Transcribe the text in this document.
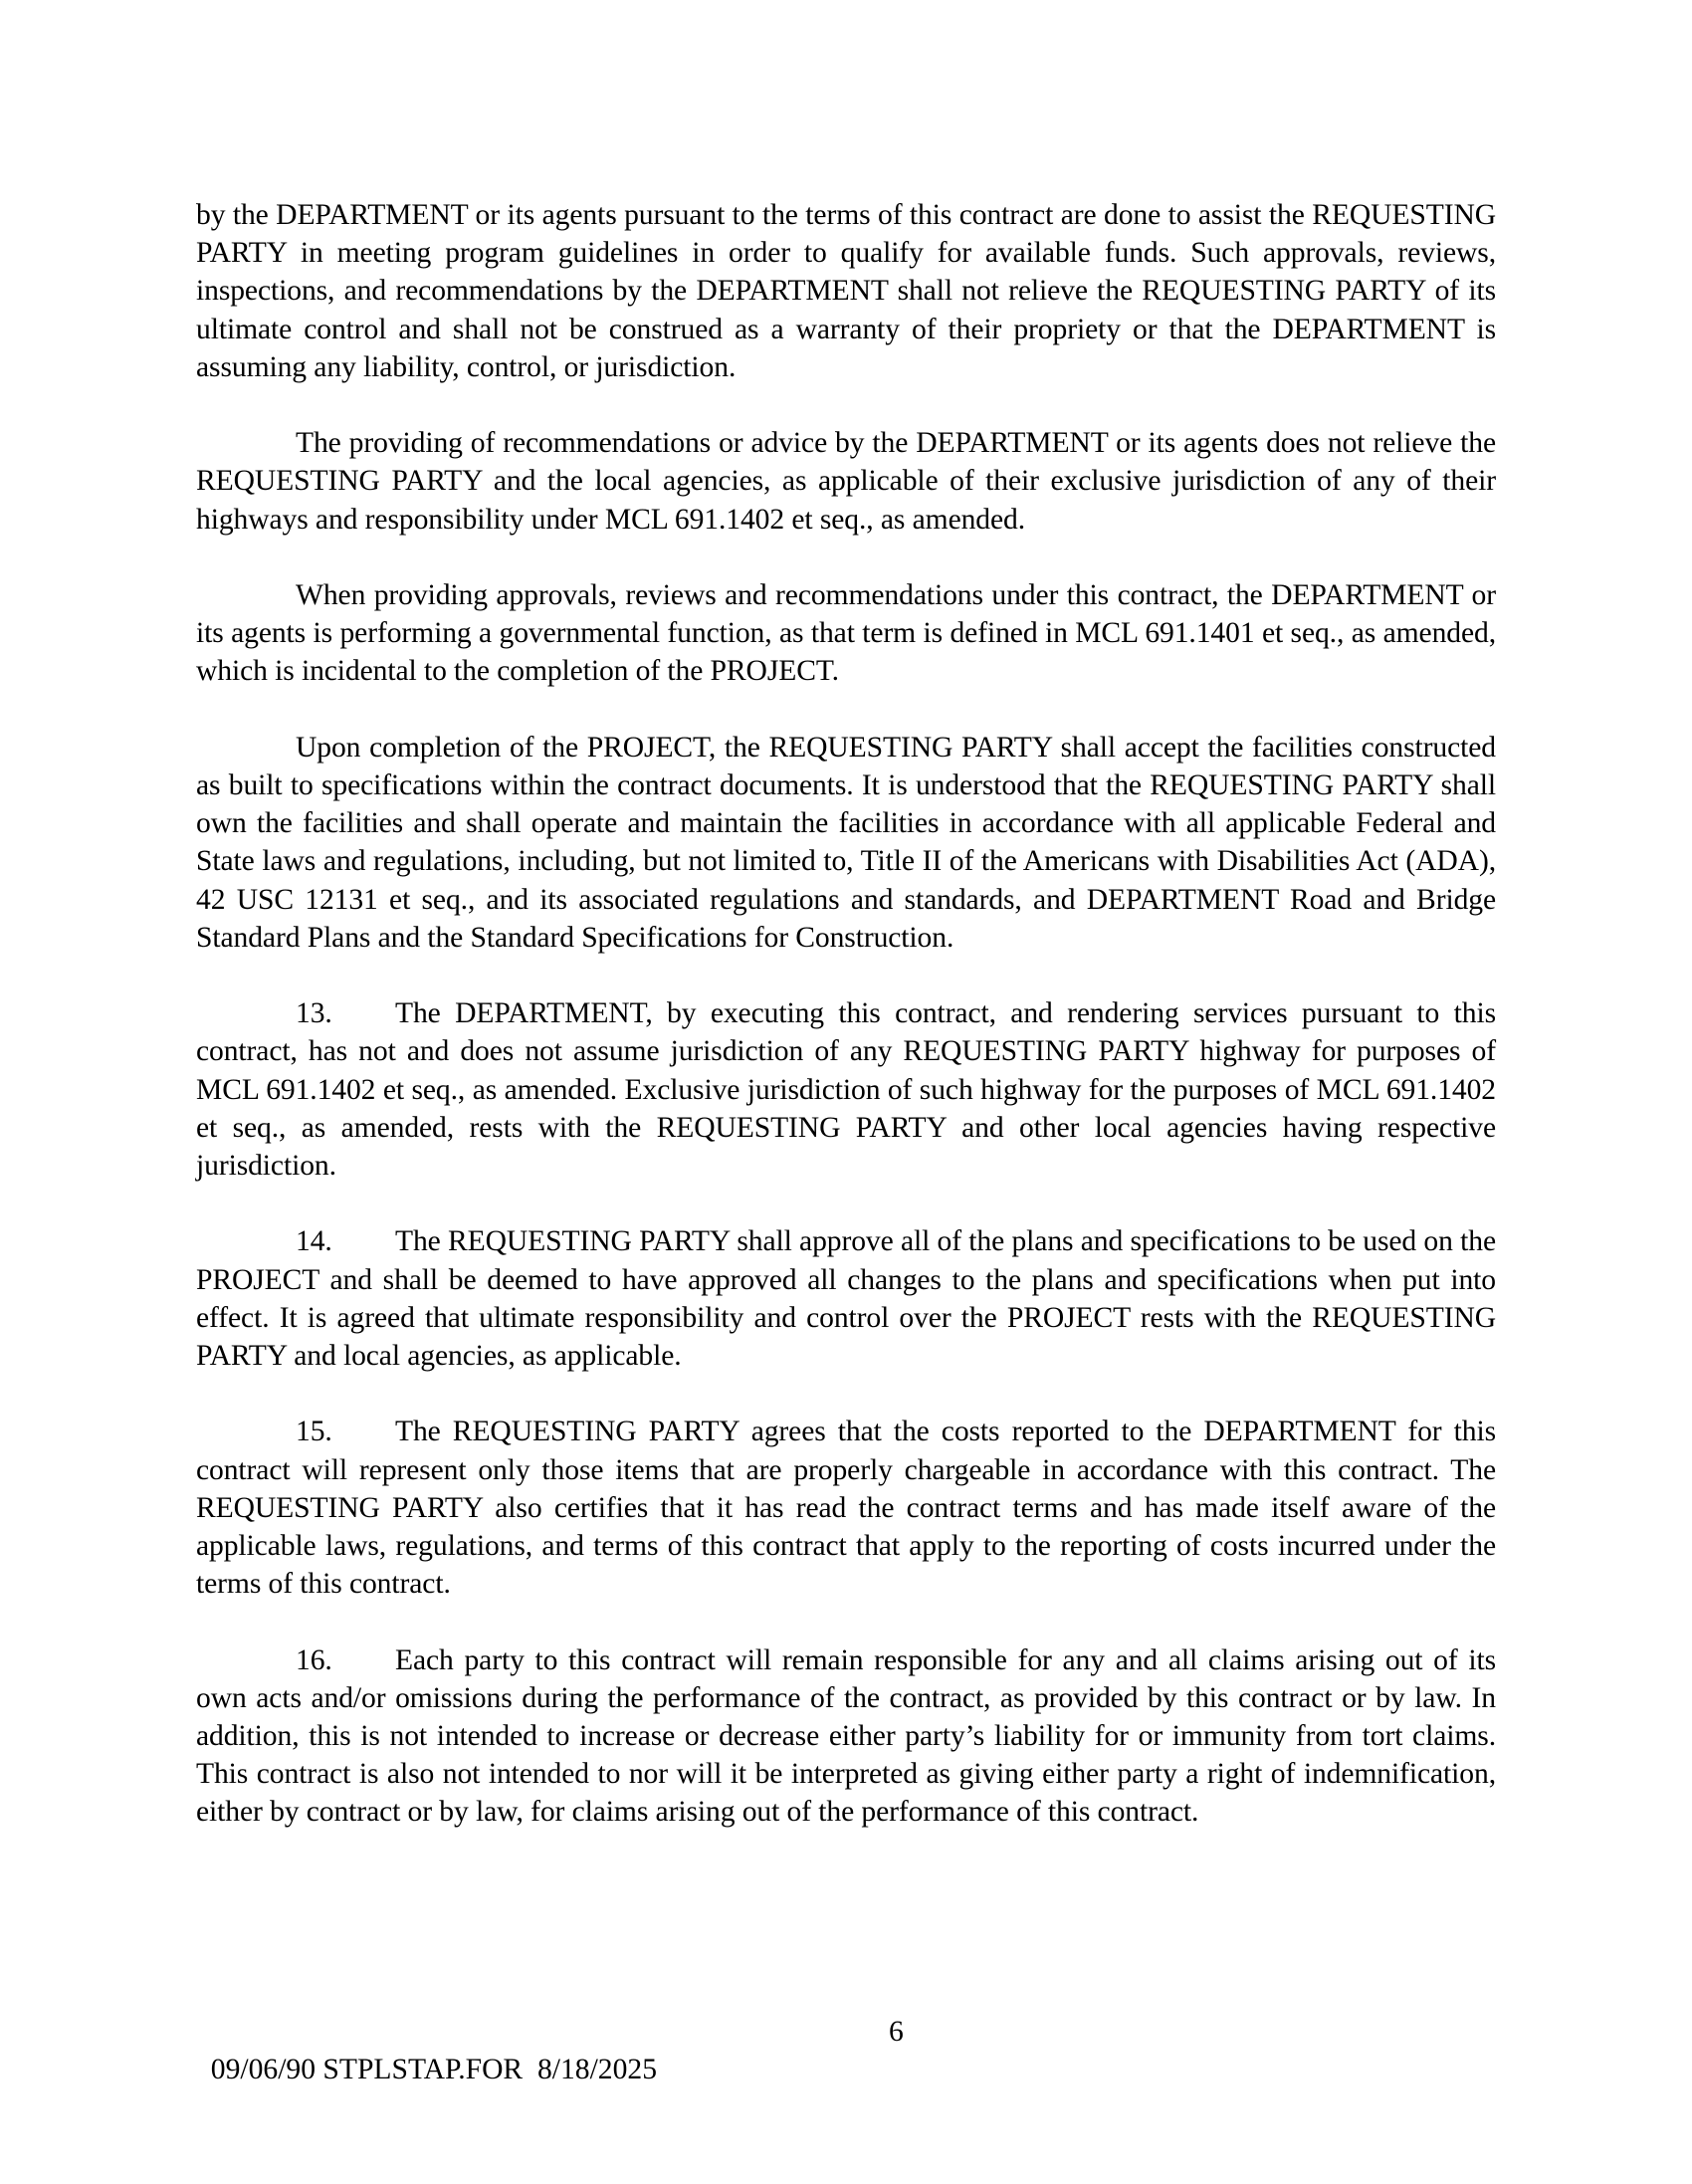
by the DEPARTMENT or its agents pursuant to the terms of this contract are done to assist the REQUESTING PARTY in meeting program guidelines in order to qualify for available funds. Such approvals, reviews, inspections, and recommendations by the DEPARTMENT shall not relieve the REQUESTING PARTY of its ultimate control and shall not be construed as a warranty of their propriety or that the DEPARTMENT is assuming any liability, control, or jurisdiction.

The providing of recommendations or advice by the DEPARTMENT or its agents does not relieve the REQUESTING PARTY and the local agencies, as applicable of their exclusive jurisdiction of any of their highways and responsibility under MCL 691.1402 et seq., as amended.

When providing approvals, reviews and recommendations under this contract, the DEPARTMENT or its agents is performing a governmental function, as that term is defined in MCL 691.1401 et seq., as amended, which is incidental to the completion of the PROJECT.

Upon completion of the PROJECT, the REQUESTING PARTY shall accept the facilities constructed as built to specifications within the contract documents. It is understood that the REQUESTING PARTY shall own the facilities and shall operate and maintain the facilities in accordance with all applicable Federal and State laws and regulations, including, but not limited to, Title II of the Americans with Disabilities Act (ADA), 42 USC 12131 et seq., and its associated regulations and standards, and DEPARTMENT Road and Bridge Standard Plans and the Standard Specifications for Construction.

13. The DEPARTMENT, by executing this contract, and rendering services pursuant to this contract, has not and does not assume jurisdiction of any REQUESTING PARTY highway for purposes of MCL 691.1402 et seq., as amended. Exclusive jurisdiction of such highway for the purposes of MCL 691.1402 et seq., as amended, rests with the REQUESTING PARTY and other local agencies having respective jurisdiction.

14. The REQUESTING PARTY shall approve all of the plans and specifications to be used on the PROJECT and shall be deemed to have approved all changes to the plans and specifications when put into effect. It is agreed that ultimate responsibility and control over the PROJECT rests with the REQUESTING PARTY and local agencies, as applicable.

15. The REQUESTING PARTY agrees that the costs reported to the DEPARTMENT for this contract will represent only those items that are properly chargeable in accordance with this contract. The REQUESTING PARTY also certifies that it has read the contract terms and has made itself aware of the applicable laws, regulations, and terms of this contract that apply to the reporting of costs incurred under the terms of this contract.

16. Each party to this contract will remain responsible for any and all claims arising out of its own acts and/or omissions during the performance of the contract, as provided by this contract or by law. In addition, this is not intended to increase or decrease either party’s liability for or immunity from tort claims. This contract is also not intended to nor will it be interpreted as giving either party a right of indemnification, either by contract or by law, for claims arising out of the performance of this contract.

09/06/90 STPLSTAP.FOR  8/18/2025

6
